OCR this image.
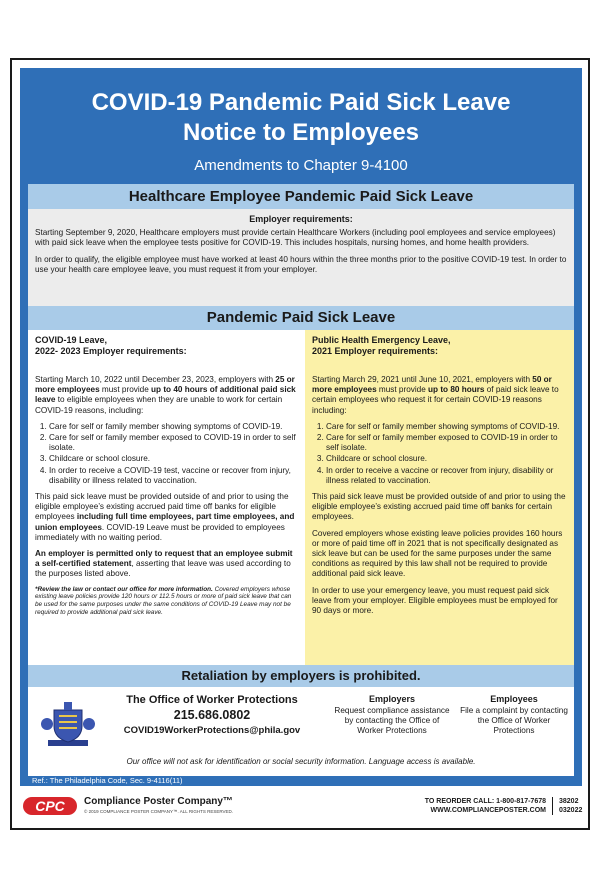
COVID-19 Pandemic Paid Sick Leave
Notice to Employees
Amendments to Chapter 9-4100
Healthcare Employee Pandemic Paid Sick Leave
Employer requirements:

Starting September 9, 2020, Healthcare employers must provide certain Healthcare Workers (including pool employees and service employees) with paid sick leave when the employee tests positive for COVID-19. This includes hospitals, nursing homes, and home health providers.

In order to qualify, the eligible employee must have worked at least 40 hours within the three months prior to the positive COVID-19 test. In order to use your health care employee leave, you must request it from your employer.

Pandemic Paid Sick Leave
COVID-19 Leave,
2022- 2023 Employer requirements:

Starting March 10, 2022 until December 23, 2023, employers with 25 or more employees must provide up to 40 hours of additional paid sick leave to eligible employees when they are unable to work for certain COVID-19 reasons, including:

1. Care for self or family member showing symptoms of COVID-19.
2. Care for self or family member exposed to COVID-19 in order to self isolate.
3. Childcare or school closure.
4. In order to receive a COVID-19 test, vaccine or recover from injury, disability or illness related to vaccination.

This paid sick leave must be provided outside of and prior to using the eligible employee’s existing accrued paid time off banks for eligible employees including full time employees, part time employees, and union employees. COVID-19 Leave must be provided to employees immediately with no waiting period.

An employer is permitted only to request that an employee submit a self-certified statement, asserting that leave was used according to the purposes listed above.

*Review the law or contact our office for more information. Covered employers whose existing leave policies provide 120 hours or 112.5 hours or more of paid sick leave that can be used for the same purposes under the same conditions of COVID-19 Leave may not be required to provide additional paid sick leave.
Public Health Emergency Leave,
2021 Employer requirements:

Starting March 29, 2021 until June 10, 2021, employers with 50 or more employees must provide up to 80 hours of paid sick leave to certain employees who request it for certain COVID-19 reasons including:

1. Care for self or family member showing symptoms of COVID-19.
2. Care for self or family member exposed to COVID-19 in order to self isolate.
3. Childcare or school closure.
4. In order to receive a vaccine or recover from injury, disability or illness related to vaccination.

This paid sick leave must be provided outside of and prior to using the eligible employee’s existing accrued paid time off banks for certain employees.

Covered employers whose existing leave policies provides 160 hours or more of paid time off in 2021 that is not specifically designated as sick leave but can be used for the same purposes under the same conditions as required by this law shall not be required to provide additional paid sick leave.

In order to use your emergency leave, you must request paid sick leave from your employer. Eligible employees must be employed for 90 days or more.

Retaliation by employers is prohibited.
The Office of Worker Protections
215.686.0802
COVID19WorkerProtections@phila.gov
Employers
Request compliance assistance by contacting the Office of Worker Protections
Employees
File a complaint by contacting the Office of Worker Protections
Our office will not ask for identification or social security information. Language access is available.
Ref.: The Philadelphia Code, Sec. 9-4116(11)
CPC Compliance Poster Company™
© 2019 COMPLIANCE POSTER COMPANY™. ALL RIGHTS RESERVED.
TO REORDER CALL: 1-800-817-7678
WWW.COMPLIANCEPOSTER.COM
38202
032022
